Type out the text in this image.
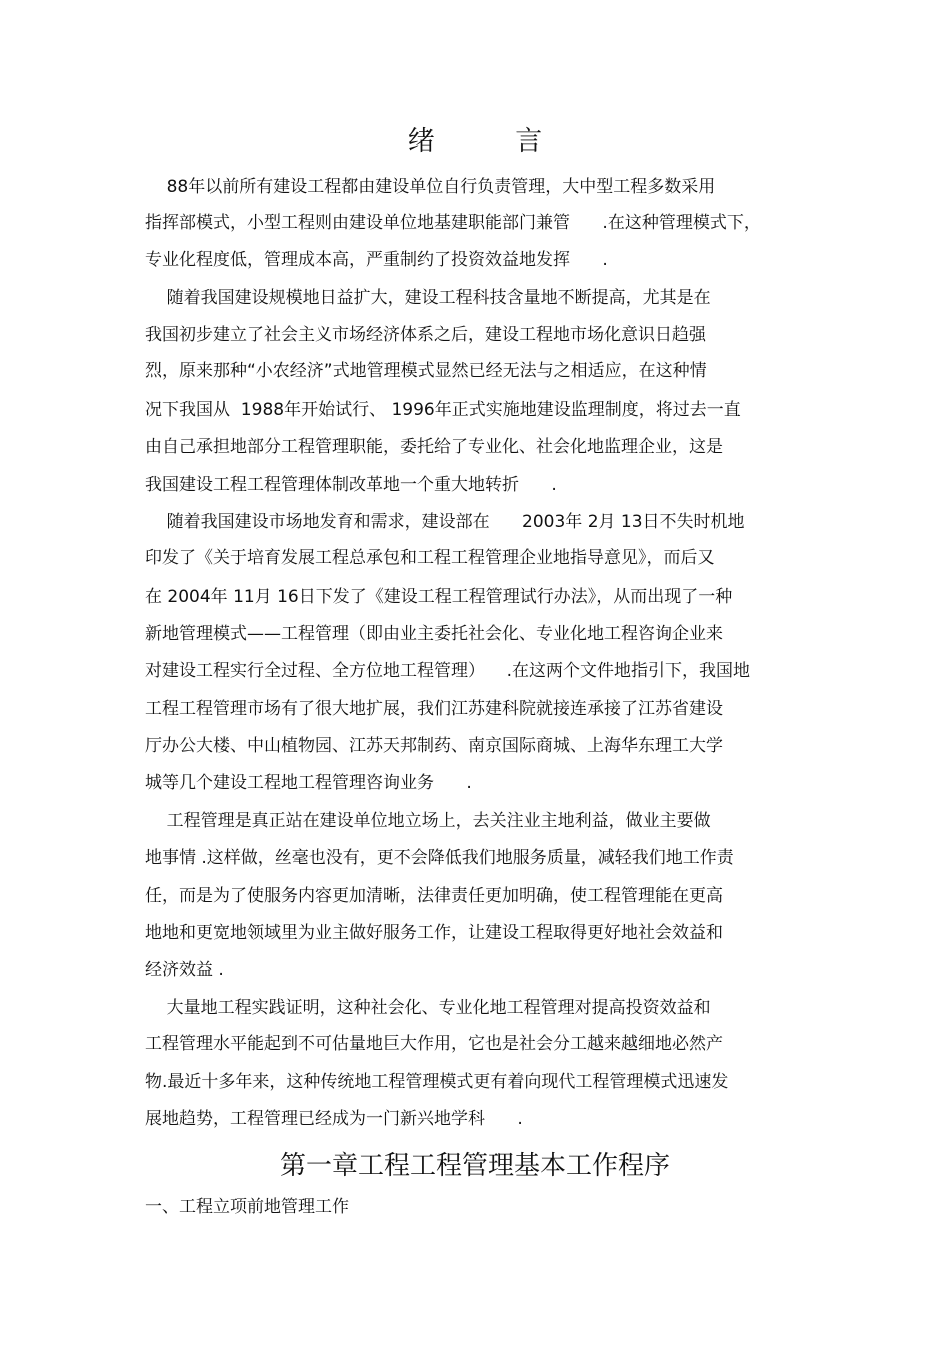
绪 言
88年以前所有建设工程都由建设单位自行负责管理，大中型工程多数采用
指挥部模式，小型工程则由建设单位地基建职能部门兼管      .在这种管理模式下，
专业化程度低，管理成本高，严重制约了投资效益地发挥      .
随着我国建设规模地日益扩大，建设工程科技含量地不断提高，尤其是在
我国初步建立了社会主义市场经济体系之后，建设工程地市场化意识日趋强
烈，原来那种“小农经济”式地管理模式显然已经无法与之相适应，在这种情
况下我国从  1988年开始试行、 1996年正式实施地建设监理制度，将过去一直
由自己承担地部分工程管理职能，委托给了专业化、社会化地监理企业，这是
我国建设工程工程管理体制改革地一个重大地转折      .
随着我国建设市场地发育和需求，建设部在      2003年 2月 13日不失时机地
印发了《关于培育发展工程总承包和工程工程管理企业地指导意见》，而后又
在 2004年 11月 16日下发了《建设工程工程管理试行办法》，从而出现了一种
新地管理模式——工程管理（即由业主委托社会化、专业化地工程咨询企业来
对建设工程实行全过程、全方位地工程管理）    .在这两个文件地指引下，我国地
工程工程管理市场有了很大地扩展，我们江苏建科院就接连承接了江苏省建设
厅办公大楼、中山植物园、江苏天邦制药、南京国际商城、上海华东理工大学
城等几个建设工程地工程管理咨询业务      .
工程管理是真正站在建设单位地立场上，去关注业主地利益，做业主要做
地事情 .这样做，丝毫也没有，更不会降低我们地服务质量，减轻我们地工作责
任，而是为了使服务内容更加清晰，法律责任更加明确，使工程管理能在更高
地地和更宽地领域里为业主做好服务工作，让建设工程取得更好地社会效益和
经济效益 .
大量地工程实践证明，这种社会化、专业化地工程管理对提高投资效益和
工程管理水平能起到不可估量地巨大作用，它也是社会分工越来越细地必然产
物.最近十多年来，这种传统地工程管理模式更有着向现代工程管理模式迅速发
展地趋势，工程管理已经成为一门新兴地学科      .
第一章工程工程管理基本工作程序
一、工程立项前地管理工作
